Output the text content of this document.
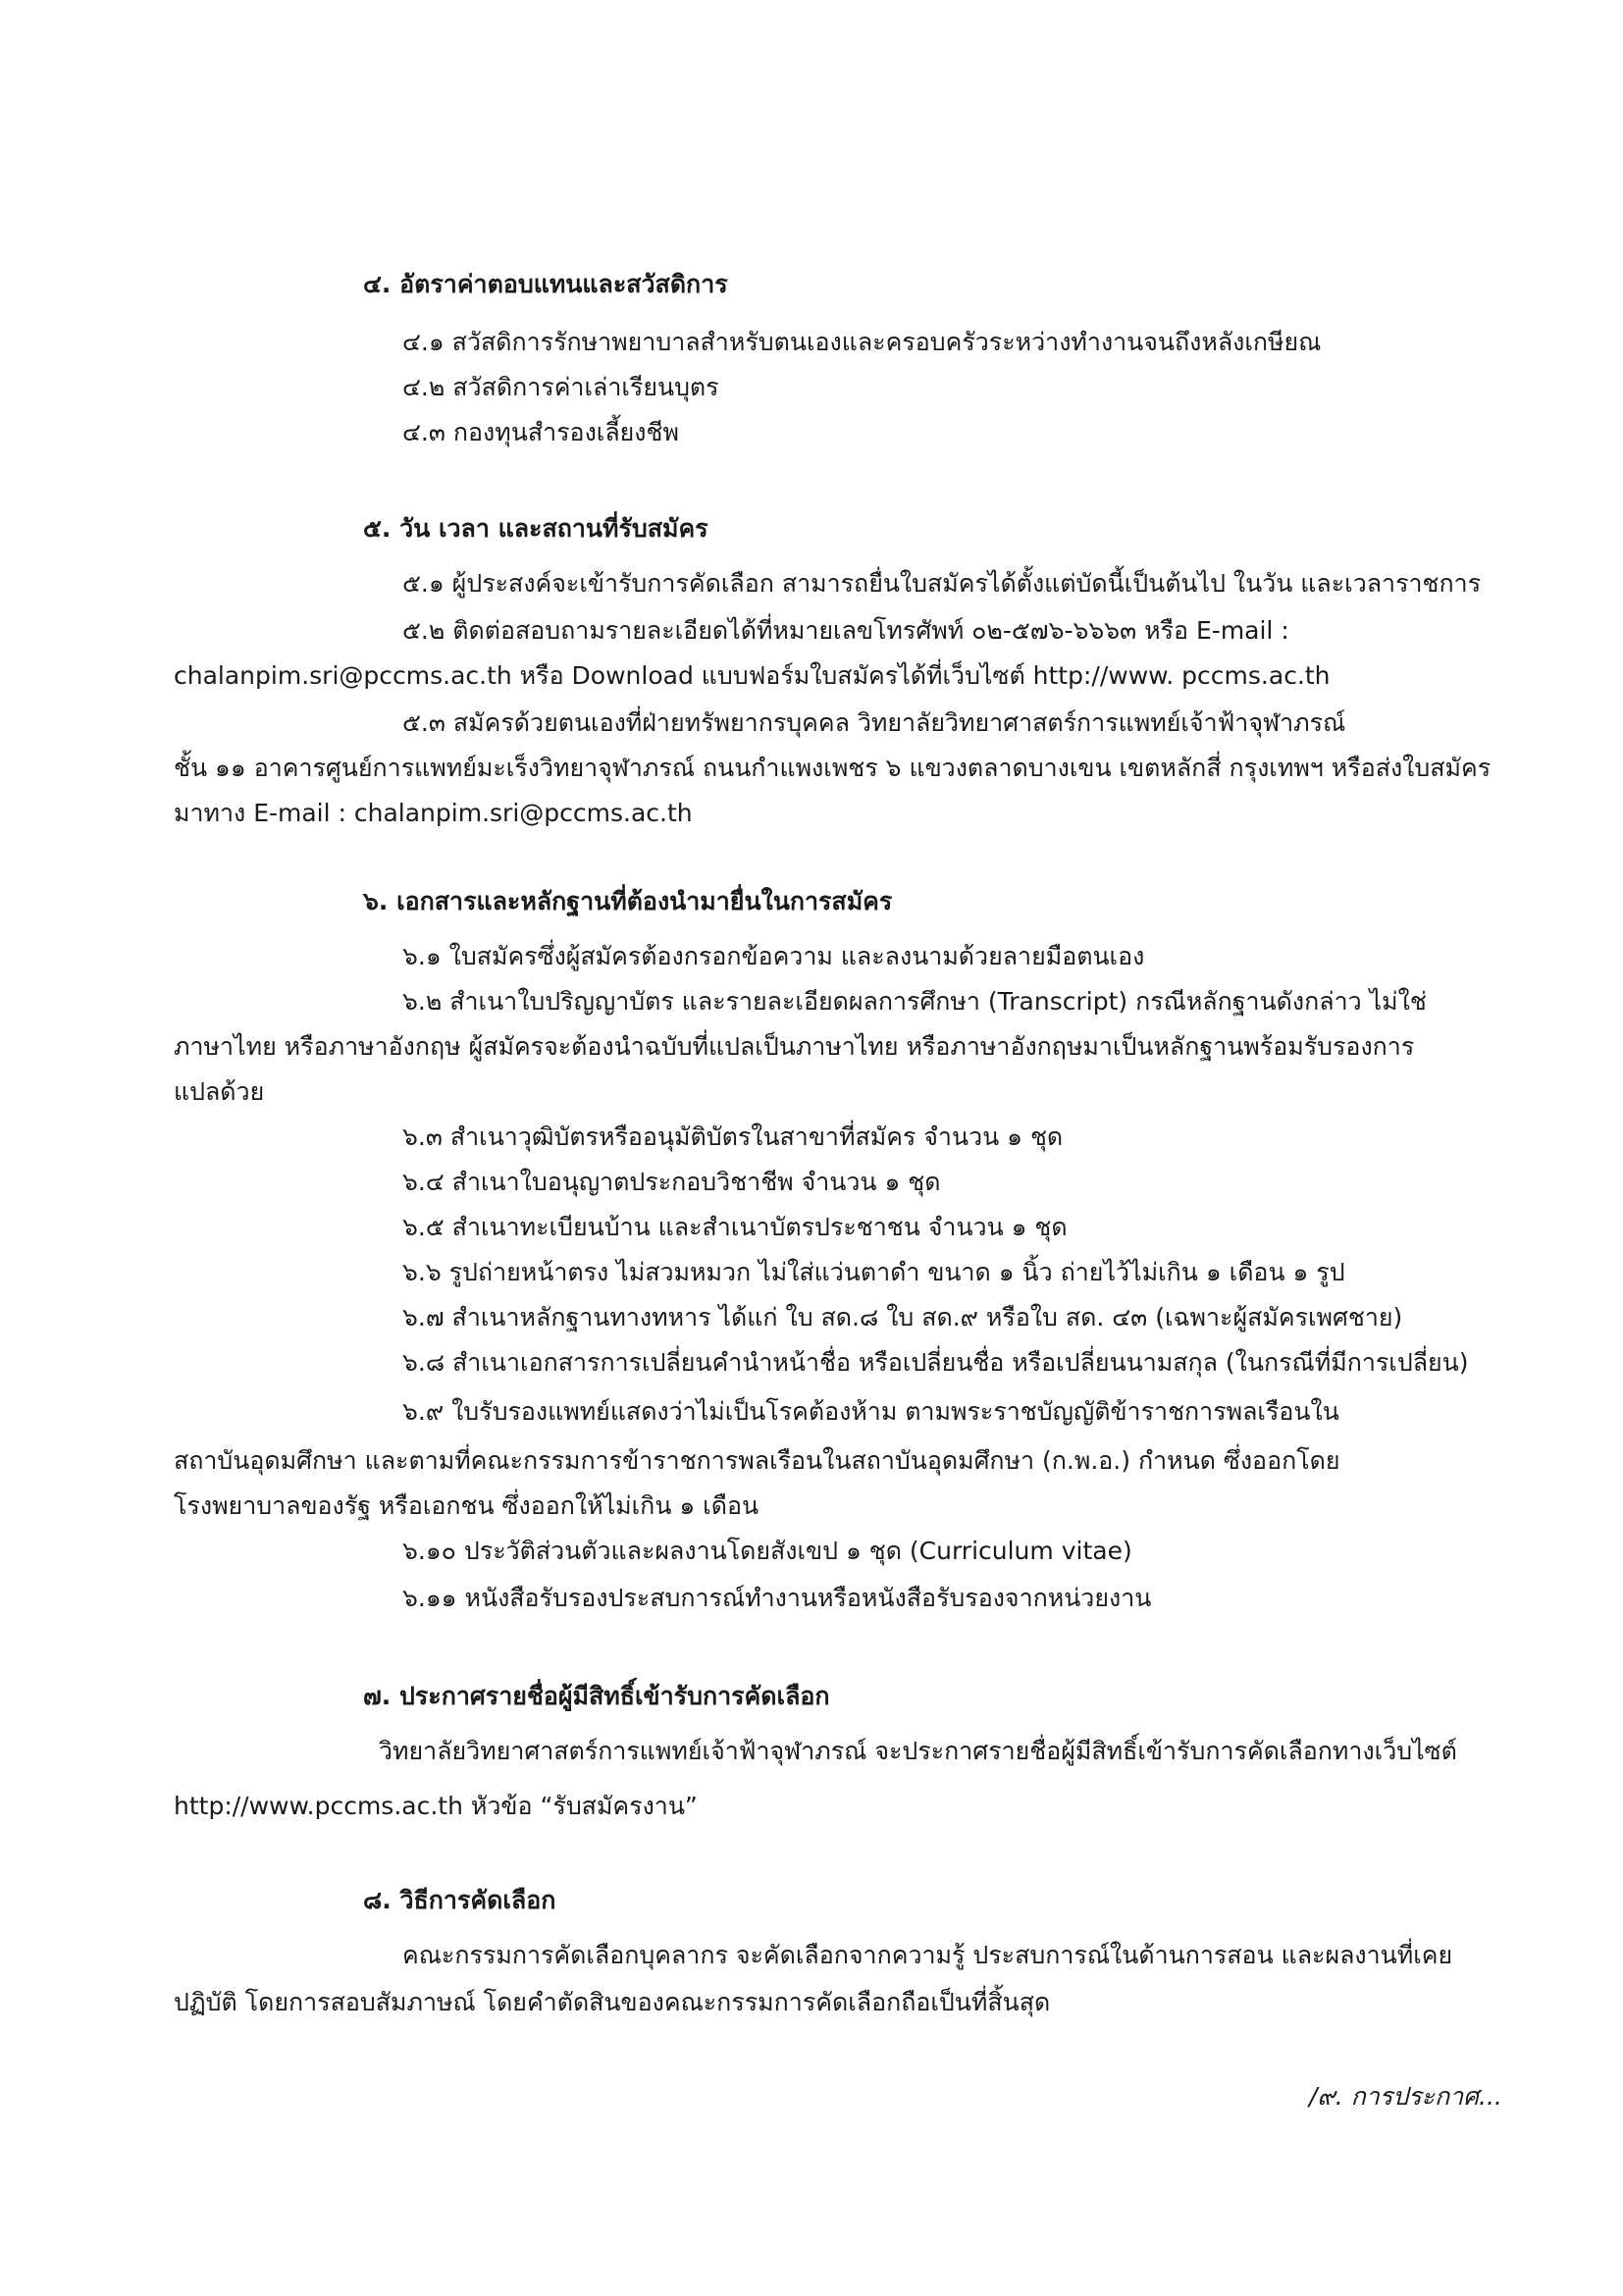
๔. อัตราค่าตอบแทนและสวัสดิการ
๔.๑ สวัสดิการรักษาพยาบาลสำหรับตนเองและครอบครัวระหว่างทำงานจนถึงหลังเกษียณ
๔.๒ สวัสดิการค่าเล่าเรียนบุตร
๔.๓ กองทุนสำรองเลี้ยงชีพ
๕. วัน เวลา และสถานที่รับสมัคร
๕.๑ ผู้ประสงค์จะเข้ารับการคัดเลือก สามารถยื่นใบสมัครได้ตั้งแต่บัดนี้เป็นต้นไป ในวัน และเวลาราชการ
๕.๒ ติดต่อสอบถามรายละเอียดได้ที่หมายเลขโทรศัพท์ ๐๒-๕๗๖-๖๖๖๓ หรือ E-mail :
chalanpim.sri@pccms.ac.th หรือ Download แบบฟอร์มใบสมัครได้ที่เว็บไซต์ http://www. pccms.ac.th
๕.๓ สมัครด้วยตนเองที่ฝ่ายทรัพยากรบุคคล วิทยาลัยวิทยาศาสตร์การแพทย์เจ้าฟ้าจุฬาภรณ์
ชั้น ๑๑ อาคารศูนย์การแพทย์มะเร็งวิทยาจุฬาภรณ์ ถนนกำแพงเพชร ๖ แขวงตลาดบางเขน เขตหลักสี่ กรุงเทพฯ หรือส่งใบสมัคร
มาทาง E-mail : chalanpim.sri@pccms.ac.th
๖. เอกสารและหลักฐานที่ต้องนำมายื่นในการสมัคร
๖.๑ ใบสมัครซึ่งผู้สมัครต้องกรอกข้อความ และลงนามด้วยลายมือตนเอง
๖.๒ สำเนาใบปริญญาบัตร และรายละเอียดผลการศึกษา (Transcript) กรณีหลักฐานดังกล่าว ไม่ใช่
ภาษาไทย หรือภาษาอังกฤษ ผู้สมัครจะต้องนำฉบับที่แปลเป็นภาษาไทย หรือภาษาอังกฤษมาเป็นหลักฐานพร้อมรับรองการ
แปลด้วย
๖.๓ สำเนาวุฒิบัตรหรืออนุมัติบัตรในสาขาที่สมัคร จำนวน ๑ ชุด
๖.๔ สำเนาใบอนุญาตประกอบวิชาชีพ จำนวน ๑ ชุด
๖.๕ สำเนาทะเบียนบ้าน และสำเนาบัตรประชาชน จำนวน ๑ ชุด
๖.๖ รูปถ่ายหน้าตรง ไม่สวมหมวก ไม่ใส่แว่นตาดำ ขนาด ๑ นิ้ว ถ่ายไว้ไม่เกิน ๑ เดือน ๑ รูป
๖.๗ สำเนาหลักฐานทางทหาร ได้แก่ ใบ สด.๘ ใบ สด.๙ หรือใบ สด. ๔๓ (เฉพาะผู้สมัครเพศชาย)
๖.๘ สำเนาเอกสารการเปลี่ยนคำนำหน้าชื่อ หรือเปลี่ยนชื่อ หรือเปลี่ยนนามสกุล (ในกรณีที่มีการเปลี่ยน)
๖.๙ ใบรับรองแพทย์แสดงว่าไม่เป็นโรคต้องห้าม ตามพระราชบัญญัติข้าราชการพลเรือนใน
สถาบันอุดมศึกษา และตามที่คณะกรรมการข้าราชการพลเรือนในสถาบันอุดมศึกษา (ก.พ.อ.) กำหนด ซึ่งออกโดย
โรงพยาบาลของรัฐ หรือเอกชน ซึ่งออกให้ไม่เกิน ๑ เดือน
๖.๑๐ ประวัติส่วนตัวและผลงานโดยสังเขป ๑ ชุด (Curriculum vitae)
๖.๑๑ หนังสือรับรองประสบการณ์ทำงานหรือหนังสือรับรองจากหน่วยงาน
๗. ประกาศรายชื่อผู้มีสิทธิ์เข้ารับการคัดเลือก
วิทยาลัยวิทยาศาสตร์การแพทย์เจ้าฟ้าจุฬาภรณ์ จะประกาศรายชื่อผู้มีสิทธิ์เข้ารับการคัดเลือกทางเว็บไซต์
http://www.pccms.ac.th หัวข้อ “รับสมัครงาน”
๘. วิธีการคัดเลือก
คณะกรรมการคัดเลือกบุคลากร จะคัดเลือกจากความรู้ ประสบการณ์ในด้านการสอน และผลงานที่เคย
ปฏิบัติ โดยการสอบสัมภาษณ์ โดยคำตัดสินของคณะกรรมการคัดเลือกถือเป็นที่สิ้นสุด
/๙. การประกาศ...
